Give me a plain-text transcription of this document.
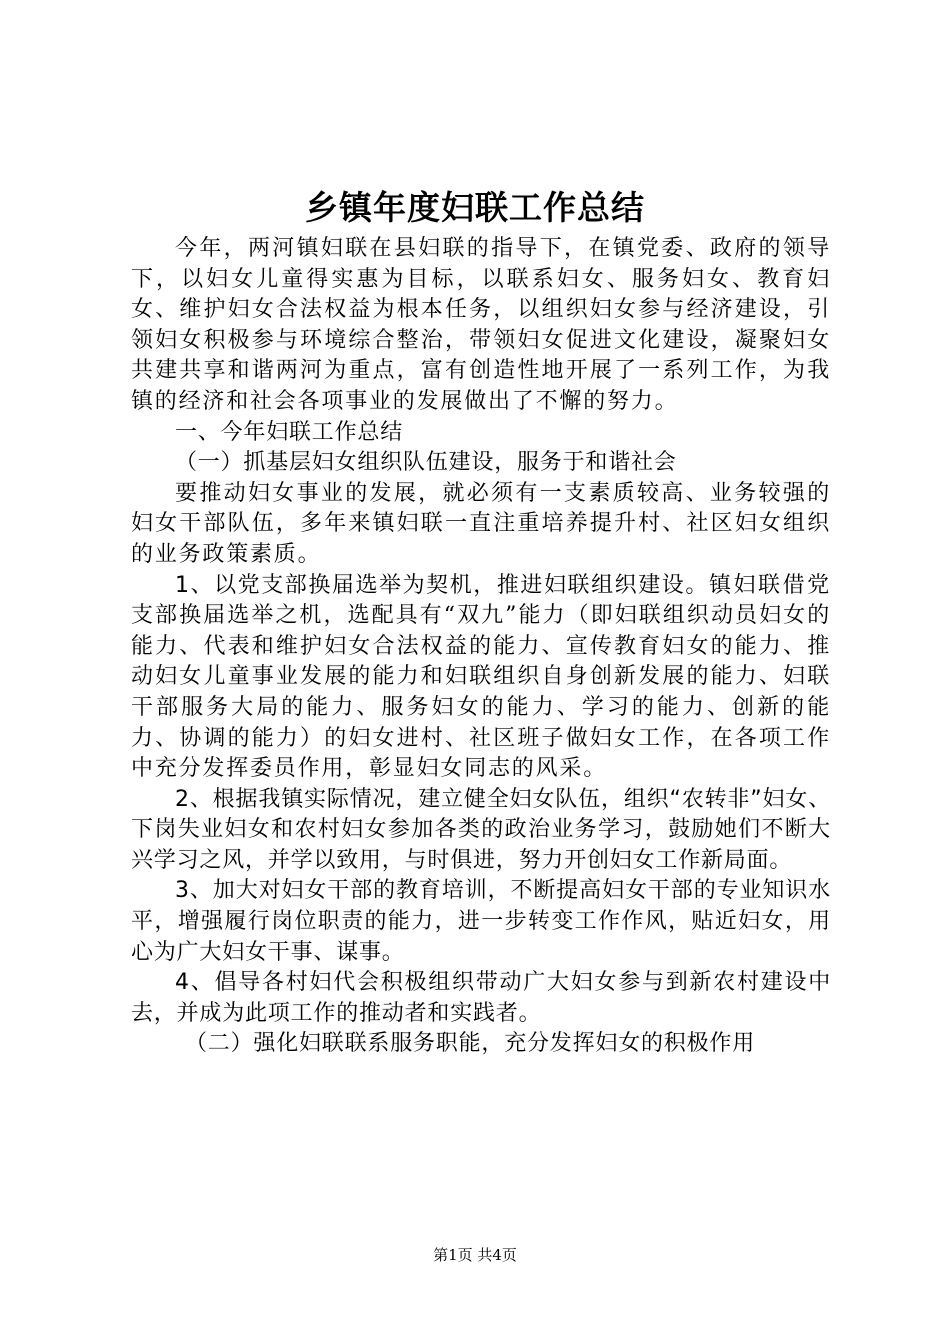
乡镇年度妇联工作总结

今年，两河镇妇联在县妇联的指导下，在镇党委、政府的领导下，以妇女儿童得实惠为目标，以联系妇女、服务妇女、教育妇女、维护妇女合法权益为根本任务，以组织妇女参与经济建设，引领妇女积极参与环境综合整治，带领妇女促进文化建设，凝聚妇女共建共享和谐两河为重点，富有创造性地开展了一系列工作，为我镇的经济和社会各项事业的发展做出了不懈的努力。

一、今年妇联工作总结

（一）抓基层妇女组织队伍建设，服务于和谐社会

要推动妇女事业的发展，就必须有一支素质较高、业务较强的妇女干部队伍，多年来镇妇联一直注重培养提升村、社区妇女组织的业务政策素质。

1、以党支部换届选举为契机，推进妇联组织建设。镇妇联借党支部换届选举之机，选配具有“双九”能力（即妇联组织动员妇女的能力、代表和维护妇女合法权益的能力、宣传教育妇女的能力、推动妇女儿童事业发展的能力和妇联组织自身创新发展的能力、妇联干部服务大局的能力、服务妇女的能力、学习的能力、创新的能力、协调的能力）的妇女进村、社区班子做妇女工作，在各项工作中充分发挥委员作用，彰显妇女同志的风采。

2、根据我镇实际情况，建立健全妇女队伍，组织“农转非”妇女、下岗失业妇女和农村妇女参加各类的政治业务学习，鼓励她们不断大兴学习之风，并学以致用，与时俱进，努力开创妇女工作新局面。

3、加大对妇女干部的教育培训，不断提高妇女干部的专业知识水平，增强履行岗位职责的能力，进一步转变工作作风，贴近妇女，用心为广大妇女干事、谋事。

4、倡导各村妇代会积极组织带动广大妇女参与到新农村建设中去，并成为此项工作的推动者和实践者。

（二）强化妇联联系服务职能，充分发挥妇女的积极作用

第1页 共4页
